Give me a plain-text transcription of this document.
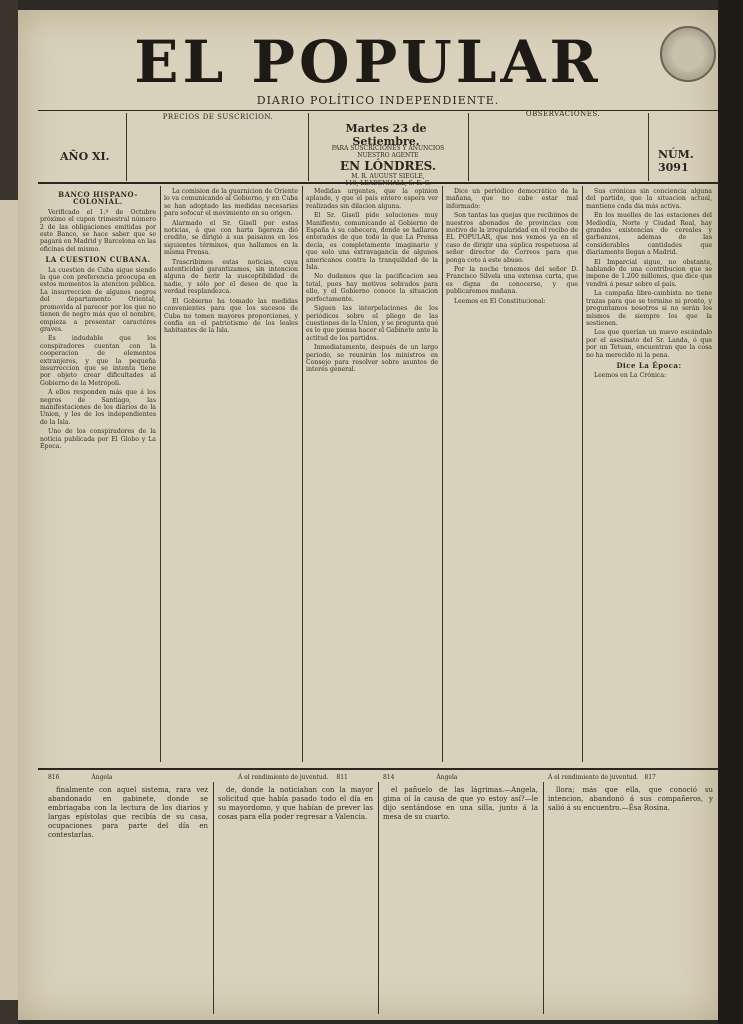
EL POPULAR
DIARIO POLÍTICO INDEPENDIENTE.
AÑO XI.	NÚM. 3091
PRECIOS DE SUSCRICION.	OBSERVACIONES.
Martes 23 de Setiembre.
PARA SUSCRICIONES Y ANUNCIOS NUESTRO AGENTE
EN LÓNDRES.
M. R. AUGUST SIEGLE,
110, LEADENHALL, S. E. C.
BANCO HISPANO-COLONIAL.

Verificado el 1.º de Octubre próximo el cupon trimestral número 2 de las obligaciones emitidas por este Banco, se hace saber que se pagará en Madrid y Barcelona en las oficinas del mismo.

LA CUESTION CUBANA.

La cuestion de Cuba sigue siendo la que con preferencia preocupa en estos momentos la atencion pública. La insurreccion de algunos negros del departamento Oriental, promovida al parecer por los que no tienen de negro más que el nombre, empieza a presentar caractéres graves.

Es indudable que los conspiradores cuentan con la cooperacion de elementos extranjeros, y que la pequeña insurreccion que se intenta tiene por objeto crear dificultades al Gobierno de la Metrópoli.

Á ellos responden más que á los negros de Santiago, las manifestaciones de los diarios de la Union, y los de los independientes de la Isla.

Uno de los conspiradores de la noticia publicada por El Globo y La Época.

La comision de la guarnicion de Oriente lo va comunicando al Gobierno, y en Cuba se han adoptado las medidas necesarias para sofocar el movimiento en su origen.

Alarmado el Sr. Gisell por estas noticias, á que con harta ligereza dió credito, se dirigió á sus paisanos en los siguientes términos, que hallamos en la misma Prensa.

Trascribimos estas noticias, cuya autenticidad garantizamos, sin intencion alguna de herir la susceptibilidad de nadie, y sólo por el deseo de que la verdad resplandezca.

El Gobierno ha tomado las medidas convenientes para que los sucesos de Cuba no tomen mayores proporciones, y confia en el patriotismo de los leales habitantes de la Isla.

Medidas urgentes, que la opinion aplaude, y que el país entero espera ver realizadas sin dilacion alguna.

El Sr. Gisell pide soluciones muy Manifiesto, comunicando al Gobierno de España á su cabecera, donde se hallaron enterados de que todo la que La Prensa decía, es completamente imaginario y que solo una extravagancia de algunos americanos contra la tranquilidad de la Isla.

No dudamos que la pacificacion sea total, pues hay motivos sobrados para ello, y el Gobierno conoce la situacion perfectamente.

Siguen las interpelaciones de los periódicos sobre el pliego de las cuestiones de la Union, y se pregunta qué es lo que piensa hacer el Gabinete ante la actitud de los partidos.

Inmediatamente, después de un largo periodo, se reunirán los ministros en Consejo para resolver sobre asuntos de interés general.

Dice un periódico democrático de la mañana, que no cabe estar mal informado:

Son tantas las quejas que recibimos de nuestros abonados de provincias con motivo de la irregularidad en el recibo de EL POPULAR, que nos vemos ya en el caso de dirigir una súplica respetuosa al señor director de Correos para que ponga coto á este abuso.

Por la noche tenemos del señor D. Francisco Silvela una extensa carta, que es digna de conocerse, y que publicaremos mañana.

Leemos en El Constitucional:

Sus crónicas sin conciencia alguna del partido, que la situacion actual, mantiene cada dia más activa.

En los muelles de las estaciones del Mediodía, Norte y Ciudad Real, hay grandes existencias de cereales y garbanzos, ademas de las considerables cantidades que diariamente llegan a Madrid.

El Imparcial sigue, no obstante, hablando de una contribucion que se impone de 1.200 millones, que dice que vendrá á pesar sobre el país.

La campaña libre-cambista no tiene trazas para que se termine ni pronto, y preguntamos nosotros si no serán los mismos de siempre los que la sostienen.

Los que querían un nuevo escándalo por el asesinato del Sr. Landa, ó que por un Tetuan, encuentran que la cosa no ha merecido ni la pena.

Dice La Época:

Leemos en La Crónica:

816	Ángela	Á el rendimiento de juventud. 811	814	Ángela	Á el rendimiento de juventud. 817

finalmente con aquel sistema, rara vez abandonado en gabinete, donde se embriagaba con la lectura de los diarios y largas epístolas que recibía de su casa, ocupaciones para parte del día en contestarlas.

de, donde la noticiaban con la mayor solicitud que había pasado todo el día en su mayordomo, y que habían de prever las cosas para ella poder regresar a Valencia.

el pañuelo de las lágrimas.—Ángela, gima oí la causa de que yo estoy así?—le dijo sentándose en una silla, junto á la mesa de su cuarto.

llora; más que ella, que conoció su intencion, abandonó á sus compañeros, y salió á su encuentro.—Ésa Rosina.
